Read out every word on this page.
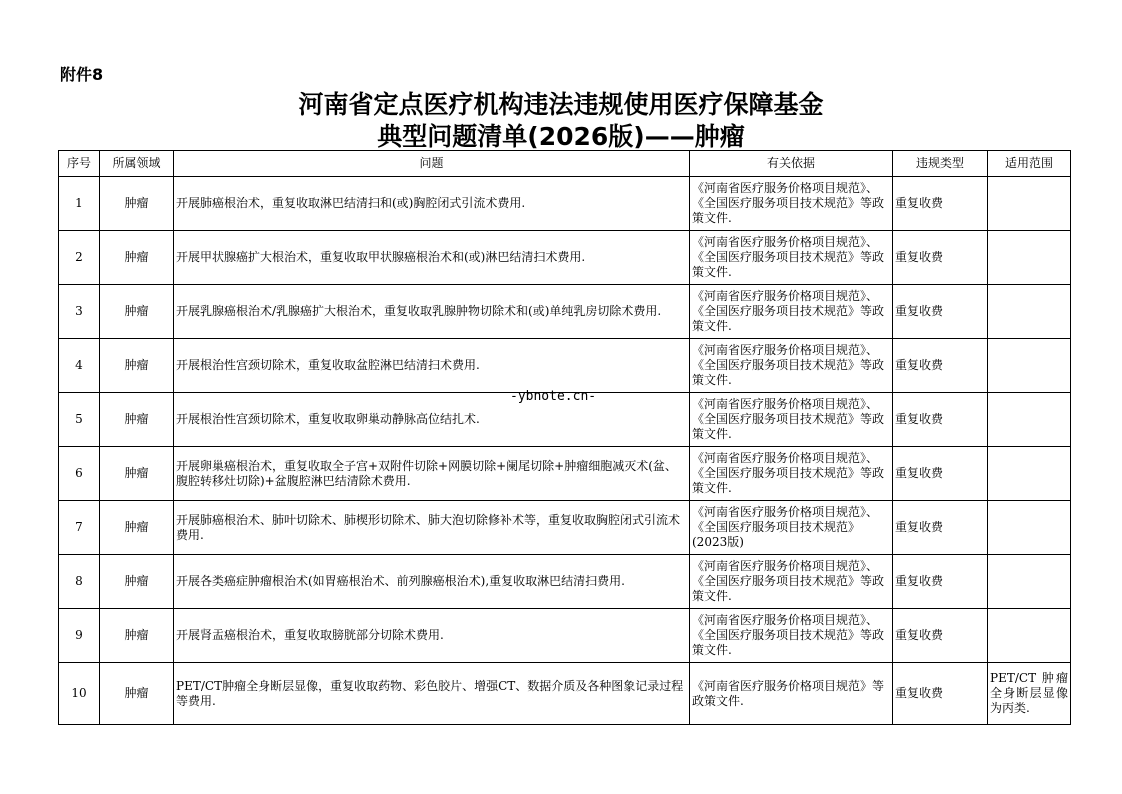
附件8
河南省定点医疗机构违法违规使用医疗保障基金
典型问题清单(2026版)——肿瘤
序号	所属领域	问题	有关依据	违规类型	适用范围
1	肿瘤	开展肺癌根治术，重复收取淋巴结清扫和(或)胸腔闭式引流术费用.	《河南省医疗服务价格项目规范》、《全国医疗服务项目技术规范》等政策文件.	重复收费	
2	肿瘤	开展甲状腺癌扩大根治术，重复收取甲状腺癌根治术和(或)淋巴结清扫术费用.	《河南省医疗服务价格项目规范》、《全国医疗服务项目技术规范》等政策文件.	重复收费	
3	肿瘤	开展乳腺癌根治术/乳腺癌扩大根治术，重复收取乳腺肿物切除术和(或)单纯乳房切除术费用.	《河南省医疗服务价格项目规范》、《全国医疗服务项目技术规范》等政策文件.	重复收费	
4	肿瘤	开展根治性宫颈切除术，重复收取盆腔淋巴结清扫术费用.	《河南省医疗服务价格项目规范》、《全国医疗服务项目技术规范》等政策文件.	重复收费	
5	肿瘤	开展根治性宫颈切除术，重复收取卵巢动静脉高位结扎术.	《河南省医疗服务价格项目规范》、《全国医疗服务项目技术规范》等政策文件.	重复收费	
6	肿瘤	开展卵巢癌根治术，重复收取全子宫+双附件切除+网膜切除+阑尾切除+肿瘤细胞减灭术(盆、腹腔转移灶切除)+盆腹腔淋巴结清除术费用.	《河南省医疗服务价格项目规范》、《全国医疗服务项目技术规范》等政策文件.	重复收费	
7	肿瘤	开展肺癌根治术、肺叶切除术、肺楔形切除术、肺大泡切除修补术等，重复收取胸腔闭式引流术费用.	《河南省医疗服务价格项目规范》、《全国医疗服务项目技术规范》(2023版)	重复收费	
8	肿瘤	开展各类癌症肿瘤根治术(如胃癌根治术、前列腺癌根治术),重复收取淋巴结清扫费用.	《河南省医疗服务价格项目规范》、《全国医疗服务项目技术规范》等政策文件.	重复收费	
9	肿瘤	开展肾盂癌根治术，重复收取膀胱部分切除术费用.	《河南省医疗服务价格项目规范》、《全国医疗服务项目技术规范》等政策文件.	重复收费	
10	肿瘤	PET/CT肿瘤全身断层显像，重复收取药物、彩色胶片、增强CT、数据介质及各种图象记录过程等费用.	《河南省医疗服务价格项目规范》等政策文件.	重复收费	PET/CT 肿瘤全身断层显像为丙类.
-ybnote.cn-
